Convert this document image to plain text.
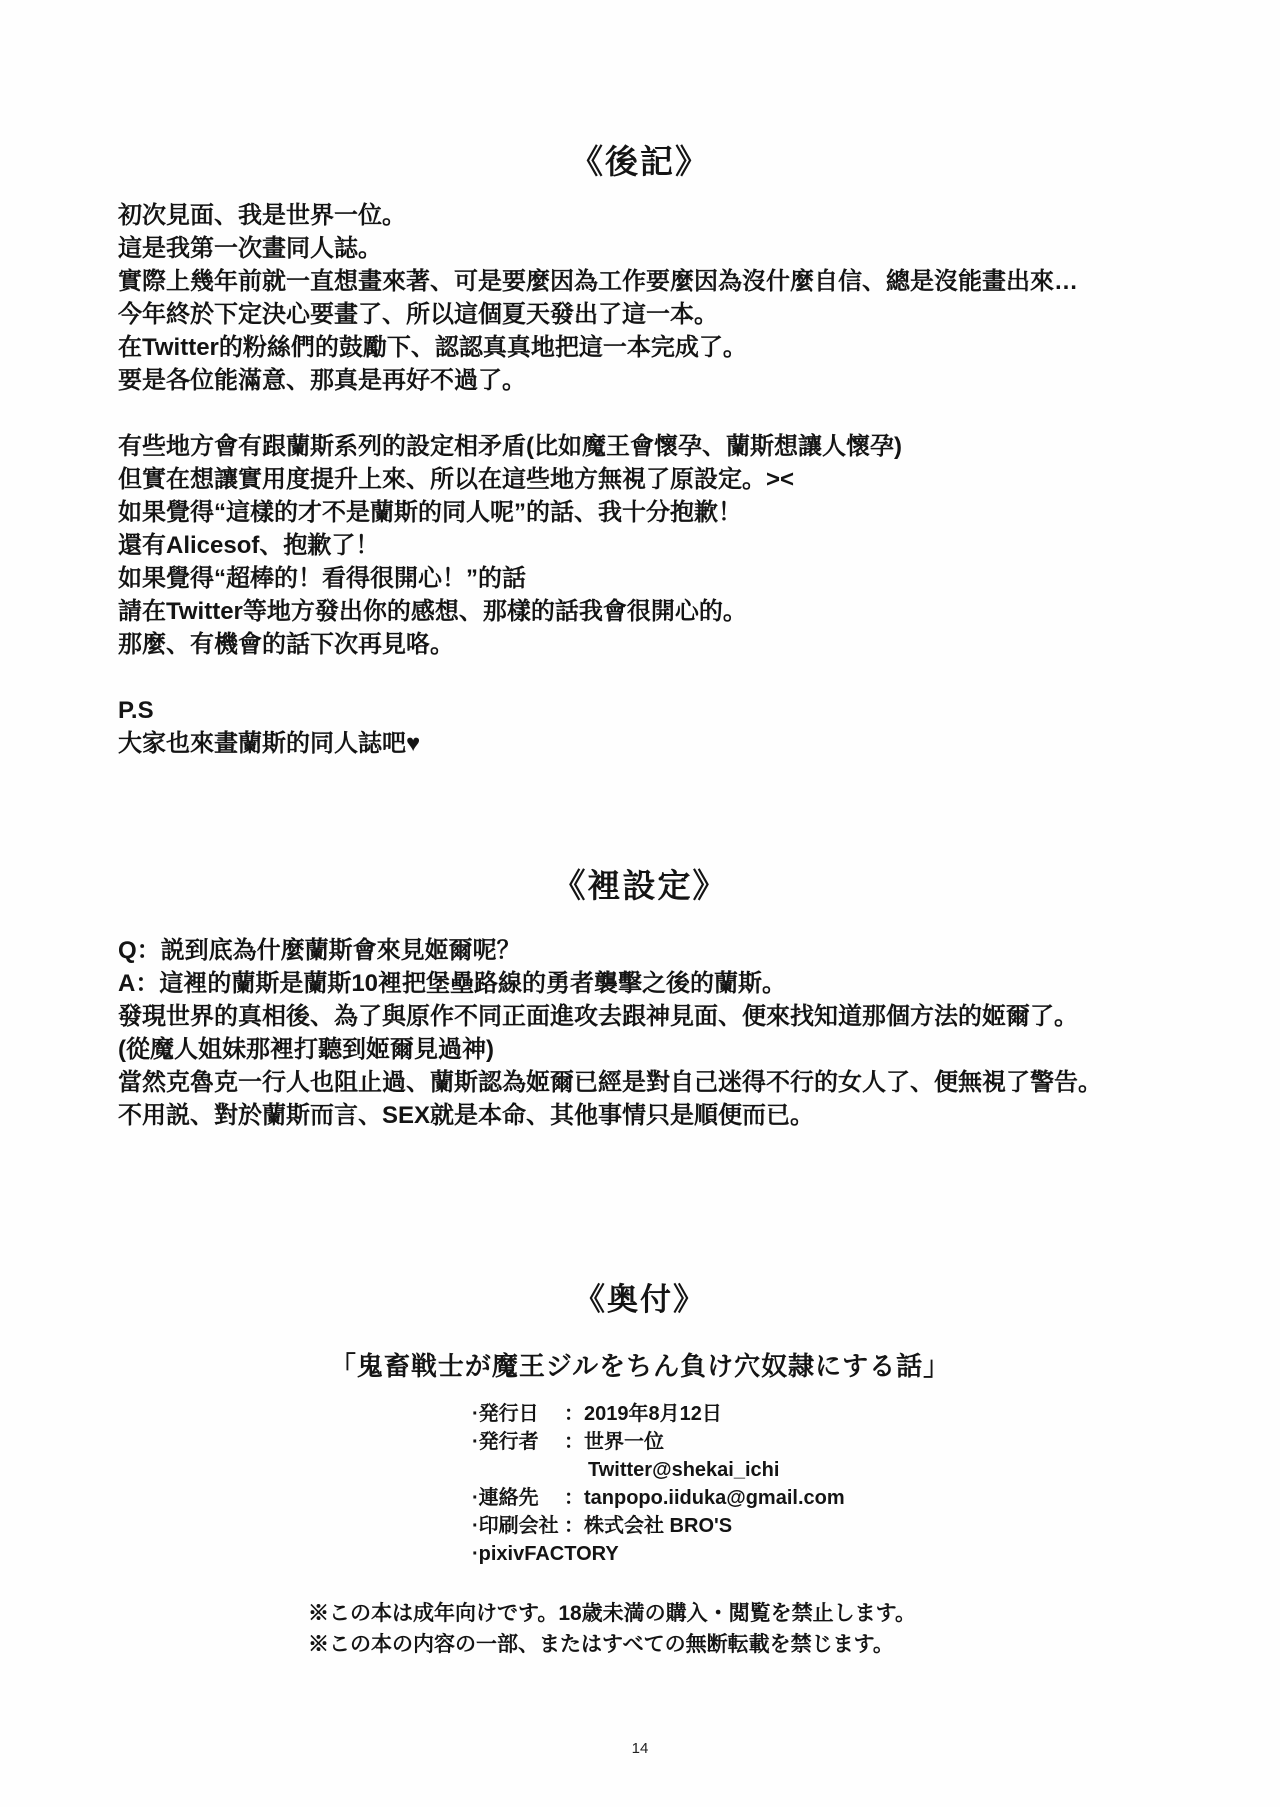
《後記》
初次見面、我是世界一位。
這是我第一次畫同人誌。
實際上幾年前就一直想畫來著、可是要麼因為工作要麼因為沒什麼自信、總是沒能畫出來…
今年終於下定決心要畫了、所以這個夏天發出了這一本。
在Twitter的粉絲們的鼓勵下、認認真真地把這一本完成了。
要是各位能滿意、那真是再好不過了。

有些地方會有跟蘭斯系列的設定相矛盾(比如魔王會懷孕、蘭斯想讓人懷孕)
但實在想讓實用度提升上來、所以在這些地方無視了原設定。><
如果覺得“這樣的才不是蘭斯的同人呢”的話、我十分抱歉！
還有Alicesof、抱歉了！
如果覺得“超棒的！看得很開心！”的話
請在Twitter等地方發出你的感想、那樣的話我會很開心的。
那麼、有機會的話下次再見咯。

P.S
大家也來畫蘭斯的同人誌吧♥
《裡設定》
Q：説到底為什麼蘭斯會來見姬爾呢？
A：這裡的蘭斯是蘭斯10裡把堡壘路線的勇者襲擊之後的蘭斯。
發現世界的真相後、為了與原作不同正面進攻去跟神見面、便來找知道那個方法的姬爾了。
(從魔人姐妹那裡打聽到姬爾見過神)
當然克魯克一行人也阻止過、蘭斯認為姬爾已經是對自己迷得不行的女人了、便無視了警告。
不用説、對於蘭斯而言、SEX就是本命、其他事情只是順便而已。
《奥付》
「鬼畜戦士が魔王ジルをちん負け穴奴隷にする話」
·発行日 ：2019年8月12日
·発行者 ：世界一位
Twitter@shekai_ichi
·連絡先 ：tanpopo.iiduka@gmail.com
·印刷会社 ：株式会社 BRO'S
·pixivFACTORY
※この本は成年向けです。18歳未満の購入・閲覧を禁止します。
※この本の内容の一部、またはすべての無断転載を禁じます。
14
